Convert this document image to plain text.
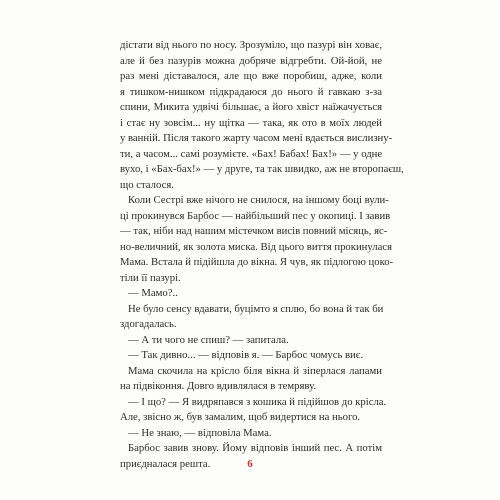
дістати від нього по носу. Зрозуміло, що пазурі він ховає,
але й без пазурів можна добряче відгребти. Ой-йой, не
раз мені діставалося, але що вже поробиш, адже, коли
я тишком-нишком підкрадаюся до нього й гавкаю з-за
спини, Микита удвічі більшає, а його хвіст наїжачується
і стає ну зовсім... ну щітка — така, як ото в моїх людей
у ванній. Після такого жарту часом мені вдається вислизну-
ти, а часом... самі розумієте. «Бах! Бабах! Бах!» — у одне
вухо, і «Бах-бах!» — у друге, та так швидко, аж не второпаєш,
що сталося.
Коли Сестрі вже нічого не снилося, на іншому боці вули-
ці прокинувся Барбос — найбільший пес у окопиці. І завив
— так, ніби над нашим містечком висів повний місяць, яс-
но-величний, як золота миска. Від цього виття прокинулася
Мама. Встала й підійшла до вікна. Я чув, як підлогою цоко-
тіли її пазурі.
— Мамо?..
Не було сенсу вдавати, буцімто я сплю, бо вона й так би
здогадалась.
— А ти чого не спиш? — запитала.
— Так дивно... — відповів я. — Барбос чомусь виє.
Мама скочила на крісло біля вікна й зіперлася лапами
на підвіконня. Довго вдивлялася в темряву.
— І що? — Я видряпався з кошика й підійшов до крісла.
Але, звісно ж, був замалим, щоб видертися на нього.
— Не знаю, — відповіла Мама.
Барбос завив знову. Йому відповів інший пес. А потім
приєдналася решта.	6
